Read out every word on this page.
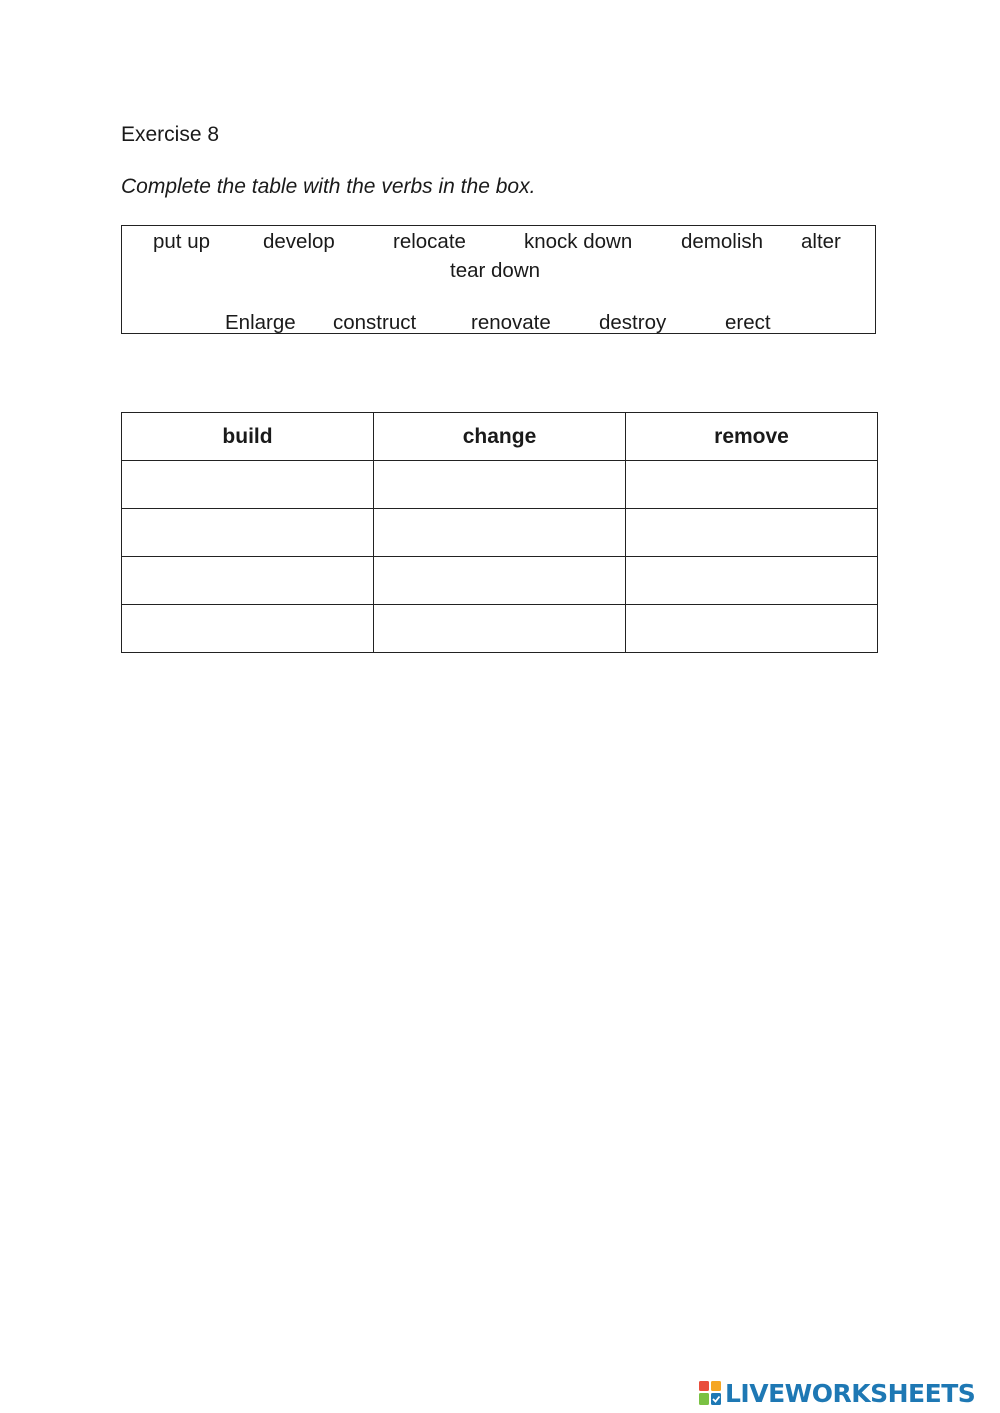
Exercise 8
Complete the table with the verbs in the box.
put up	develop	relocate	knock down demolish alter
tear down
Enlarge construct	renovate destroy	erect
build	change	remove

LIVEWORKSHEETS
